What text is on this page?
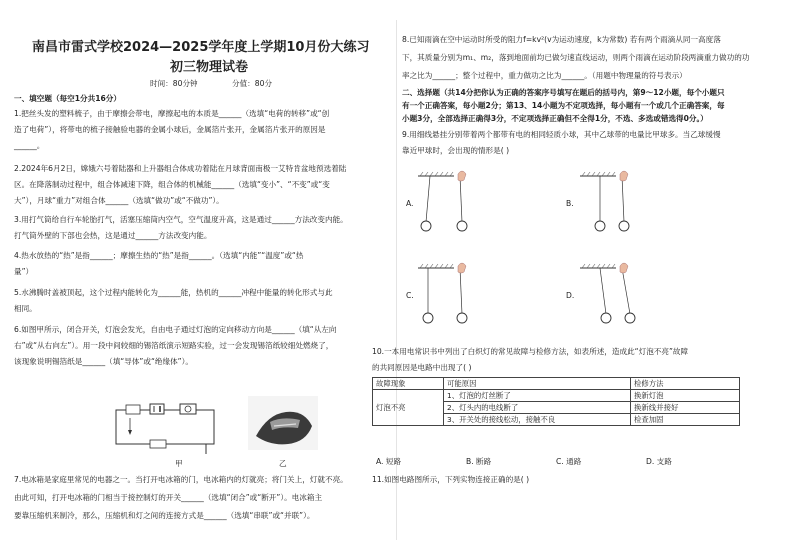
南昌市雷式学校2024—2025学年度上学期10月份大练习
初三物理试卷
时间：80分钟	分值：80分
一、填空题（每空1分共16分）
1.把丝头发的塑料梳子，由于摩擦会带电，摩擦起电的本质是______（选填“电荷的转移”或“创
造了电荷”），将带电的梳子接触验电器的金属小球后，金属箔片张开，金属箔片张开的原因是
______。
2.2024年6月2日，嫦娥六号着陆器和上升器组合体成功着陆在月球背面南极一艾特肯盆地预选着陆
区。在降落制动过程中，组合体减速下降，组合体的机械能______（选填“变小”、“不变”或“变
大”），月球“重力”对组合体______（选填“做功”或“不做功”）。
3.用打气筒给自行车轮胎打气，活塞压缩筒内空气，空气温度升高，这是通过______方法改变内能。
打气筒外壁的下部也会热，这是通过______方法改变内能。
4.热水放热的“热”是指______；摩擦生热的“热”是指______。（选填“内能”“温度”或“热
量”）
5.水沸腾时盖被顶起，这个过程内能转化为______能，热机的______冲程中能量的转化形式与此
相同。
6.如图甲所示，闭合开关，灯泡会发光，自由电子通过灯泡的定向移动方向是______（填“从左向
右”或“从右向左”）。用一段中间较细的锡箔纸演示短路实验，过一会发现锡箔纸较细处燃烧了，
该现象说明锡箔纸是______（填“导体”或“绝缘体”）。
甲	乙
7.电冰箱是家庭里常见的电器之一。当打开电冰箱的门，电冰箱内的灯就亮；将门关上，灯就不亮。
由此可知，打开电冰箱的门相当于接控制灯的开关______（选填“闭合”或“断开”）。电冰箱主
要靠压缩机来制冷，那么，压缩机和灯之间的连接方式是______（选填“串联”或“并联”）。
8.已知雨滴在空中运动时所受的阻力f=kv²(v为运动速度，k为常数) 若有两个雨滴从同一高度落
下，其质量分别为m₁、m₂，落到地面前均已做匀速直线运动，则两个雨滴在运动阶段两滴重力做功的功
率之比为______；整个过程中，重力做功之比为______。（用题中物理量的符号表示）
二、选择题（共14分把你认为正确的答案序号填写在题后的括号内，第9～12小题，每个小题只
有一个正确答案，每小题2分；第13、14小题为不定项选择，每小题有一个或几个正确答案，每
小题3分，全部选择正确得3分，不定项选择正确但不全得1分，不选、多选或错选得0分。）
9.用细线悬挂分别带着两个都带有电的相同轻质小球，其中乙球带的电量比甲球多。当乙球缓慢
靠近甲球时，会出现的情形是( )
A.	B.
C.	D.
10.一本用电常识书中列出了白炽灯的常见故障与检修方法，如表所述，造成此“灯泡不亮”故障
的共同原因是电路中出现了( )
故障现象	可能原因	检修方法
灯泡不亮	1、灯泡的灯丝断了	换新灯泡
	2、灯头内的电线断了	换新线并接好
	3、开关处的接线松动，接触不良	检查加固
A. 短路	B. 断路	C. 通路	D. 支路
11.如图电路图所示，下列实物连接正确的是( )
